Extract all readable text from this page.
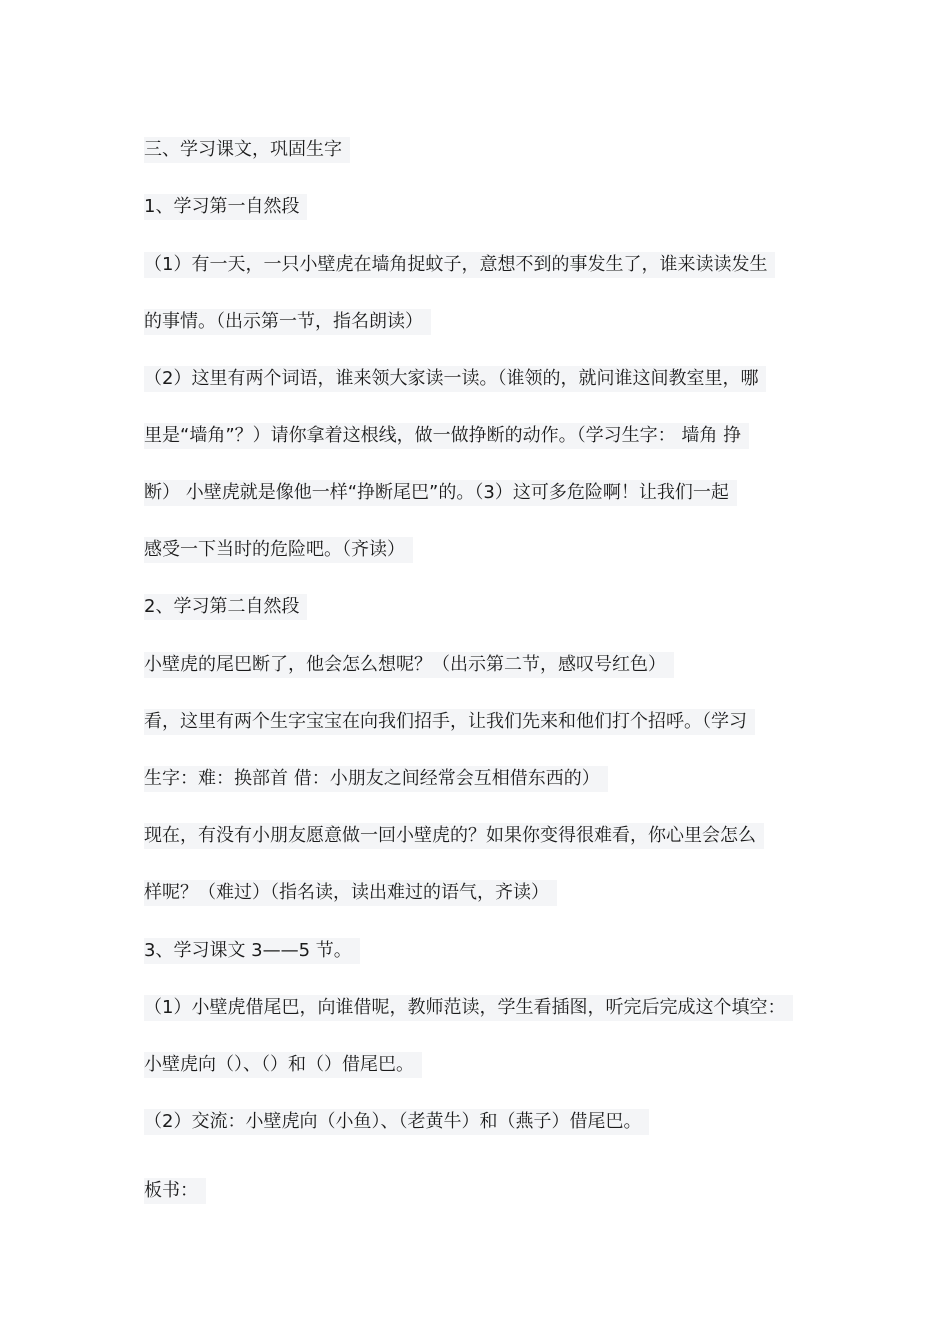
三、学习课文，巩固生字
1、学习第一自然段
（1）有一天，一只小壁虎在墙角捉蚊子，意想不到的事发生了，谁来读读发生
的事情。（出示第一节，指名朗读）
（2）这里有两个词语，谁来领大家读一读。（谁领的，就问谁这间教室里，哪
里是“墙角”？）请你拿着这根线，做一做挣断的动作。（学习生字： 墙角 挣
断） 小壁虎就是像他一样“挣断尾巴”的。（3）这可多危险啊！让我们一起
感受一下当时的危险吧。（齐读）
2、学习第二自然段
小壁虎的尾巴断了，他会怎么想呢？（出示第二节，感叹号红色）
看，这里有两个生字宝宝在向我们招手，让我们先来和他们打个招呼。（学习
生字：难：换部首 借：小朋友之间经常会互相借东西的）
现在，有没有小朋友愿意做一回小壁虎的？如果你变得很难看，你心里会怎么
样呢？（难过）（指名读，读出难过的语气，齐读）
3、学习课文 3——5 节。
（1）小壁虎借尾巴，向谁借呢，教师范读，学生看插图，听完后完成这个填空：
小壁虎向（）、（）和（）借尾巴。
（2）交流：小壁虎向（小鱼）、（老黄牛）和（燕子）借尾巴。
板书：
